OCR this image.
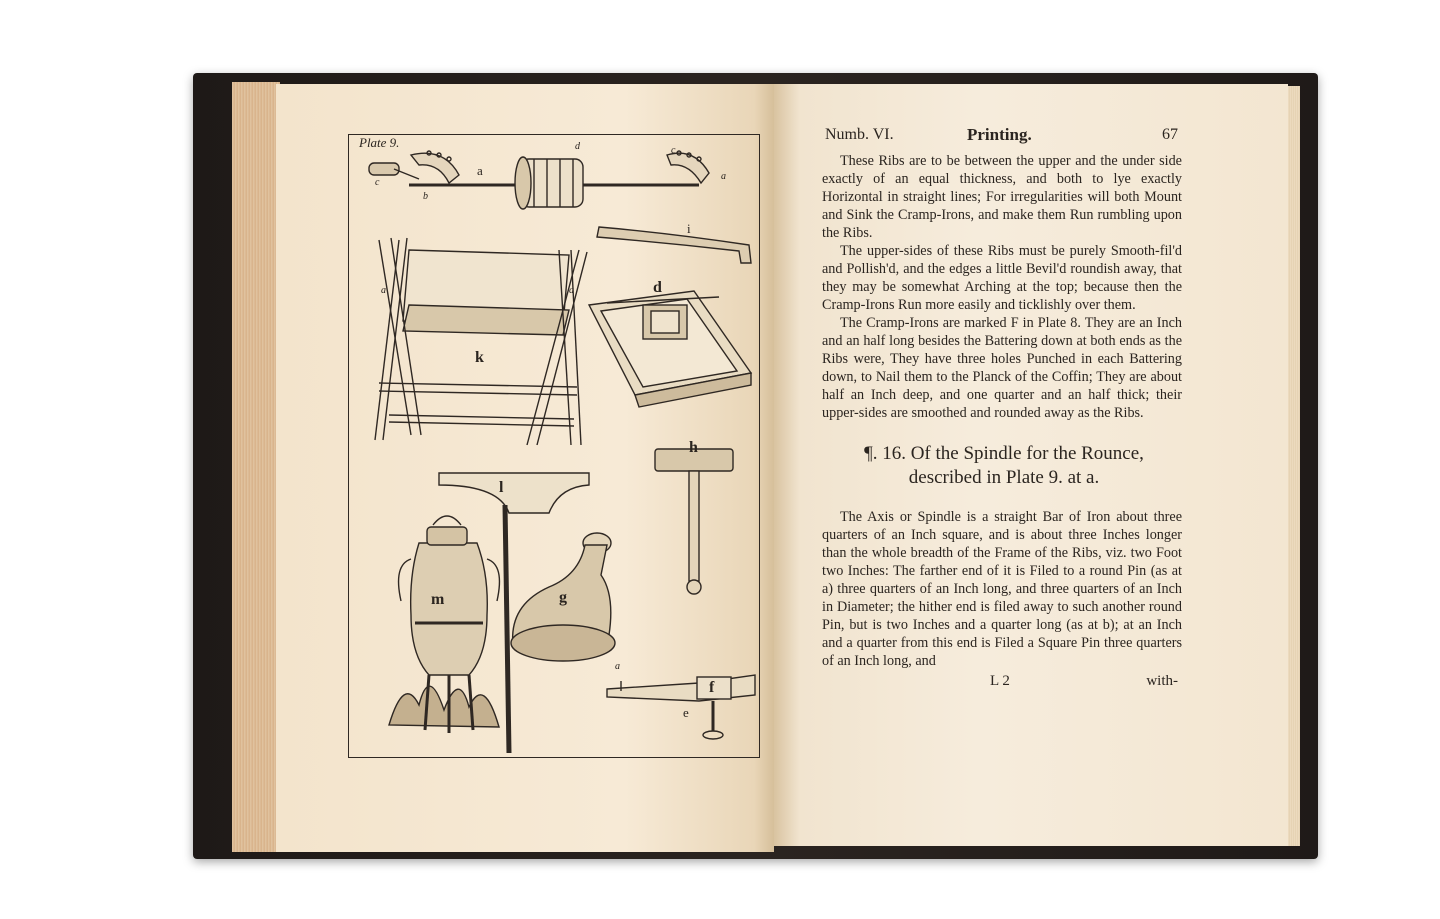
Plate 9.
a
b
c
c
a
d
i
a	a
k
d
h
l
m	g
f
e
a
Numb. VI.	Printing.	67

These Ribs are to be between the upper and the under side exactly of an equal thickness, and both to lye exactly Horizontal in straight lines; For irregularities will both Mount and Sink the Cramp-Irons, and make them Run rumbling upon the Ribs.

The upper-sides of these Ribs must be purely Smooth-fil'd and Pollish'd, and the edges a little Bevil'd roundish away, that they may be somewhat Arching at the top; because then the Cramp-Irons Run more easily and ticklishly over them.

The Cramp-Irons are marked F in Plate 8. They are an Inch and an half long besides the Battering down at both ends as the Ribs were, They have three holes Punched in each Battering down, to Nail them to the Planck of the Coffin; They are about half an Inch deep, and one quarter and an half thick; their upper-sides are smoothed and rounded away as the Ribs.

¶. 16. Of the Spindle for the Rounce, described in Plate 9. at a.

The Axis or Spindle is a straight Bar of Iron about three quarters of an Inch square, and is about three Inches longer than the whole breadth of the Frame of the Ribs, viz. two Foot two Inches: The farther end of it is Filed to a round Pin (as at a) three quarters of an Inch long, and three quarters of an Inch in Diameter; the hither end is filed away to such another round Pin, but is two Inches and a quarter long (as at b); at an Inch and a quarter from this end is Filed a Square Pin three quarters of an Inch long, and

L 2	with-
